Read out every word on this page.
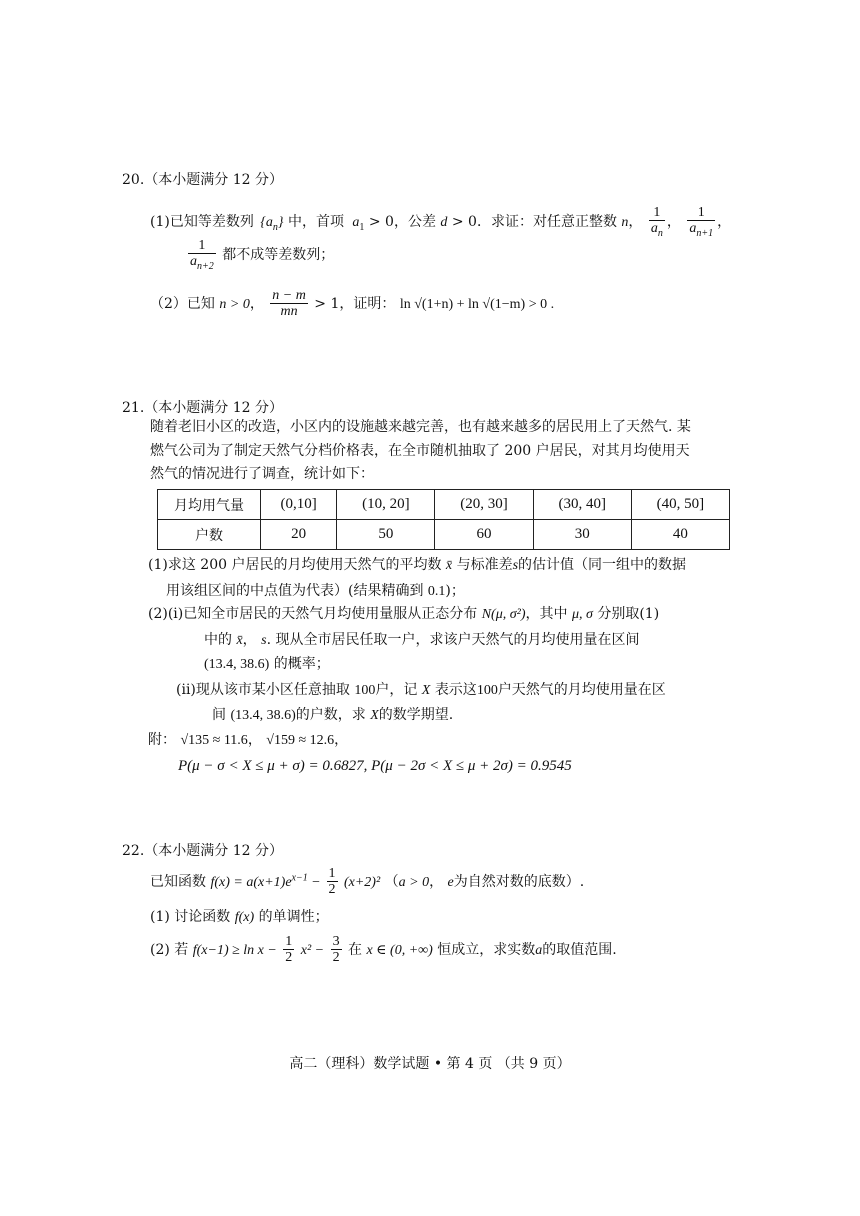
20.（本小题满分 12 分）
(1)已知等差数列 $\{a_n\}$ 中，首项 $a_1 > 0$，公差 d > 0．求证：对任意正整数 n， $\frac{1}{a_n}$ ， $\frac{1}{a_{n+1}}$ ，
$\frac{1}{a_{n+2}}$ 都不成等差数列；
（2）已知 n > 0， $\frac{n - m}{mn} > 1$，证明： ln √(1+n) + ln √(1−m) > 0 .
21.（本小题满分 12 分）
随着老旧小区的改造，小区内的设施越来越完善，也有越来越多的居民用上了天然气. 某
燃气公司为了制定天然气分档价格表，在全市随机抽取了 200 户居民，对其月均使用天
然气的情况进行了调查，统计如下：
月均用气量	(0,10]	(10, 20]	(20, 30]	(30, 40]	(40, 50]
户数	20	50	60	30	40
(1)求这 200 户居民的月均使用天然气的平均数 x̄ 与标准差s的估计值（同一组中的数据
用该组区间的中点值为代表）(结果精确到 0.1)；
(2)(ⅰ)已知全市居民的天然气月均使用量服从正态分布 N(μ, σ²)，其中 μ, σ 分别取(1)
中的 x̄， s. 现从全市居民任取一户，求该户天然气的月均使用量在区间
(13.4, 38.6) 的概率；
(ⅱ)现从该市某小区任意抽取 100户，记 X 表示这100户天然气的月均使用量在区
间 (13.4, 38.6)的户数，求 X的数学期望.
附： √135 ≈ 11.6， √159 ≈ 12.6，
P(μ − σ < X ≤ μ + σ) = 0.6827, P(μ − 2σ < X ≤ μ + 2σ) = 0.9545
22.（本小题满分 12 分）
已知函数 $f(x) = a(x+1)e^{x-1} - \frac{1}{2} (x+2)^2$ （a > 0， e为自然对数的底数）.
(1) 讨论函数 f(x) 的单调性；
(2) 若 $f(x-1) \ge \ln x - \frac{1}{2} x^2 - \frac{3}{2}$ 在 x ∈ (0, +∞) 恒成立，求实数a的取值范围.
高二（理科）数学试题 • 第 4 页 （共 9 页）
